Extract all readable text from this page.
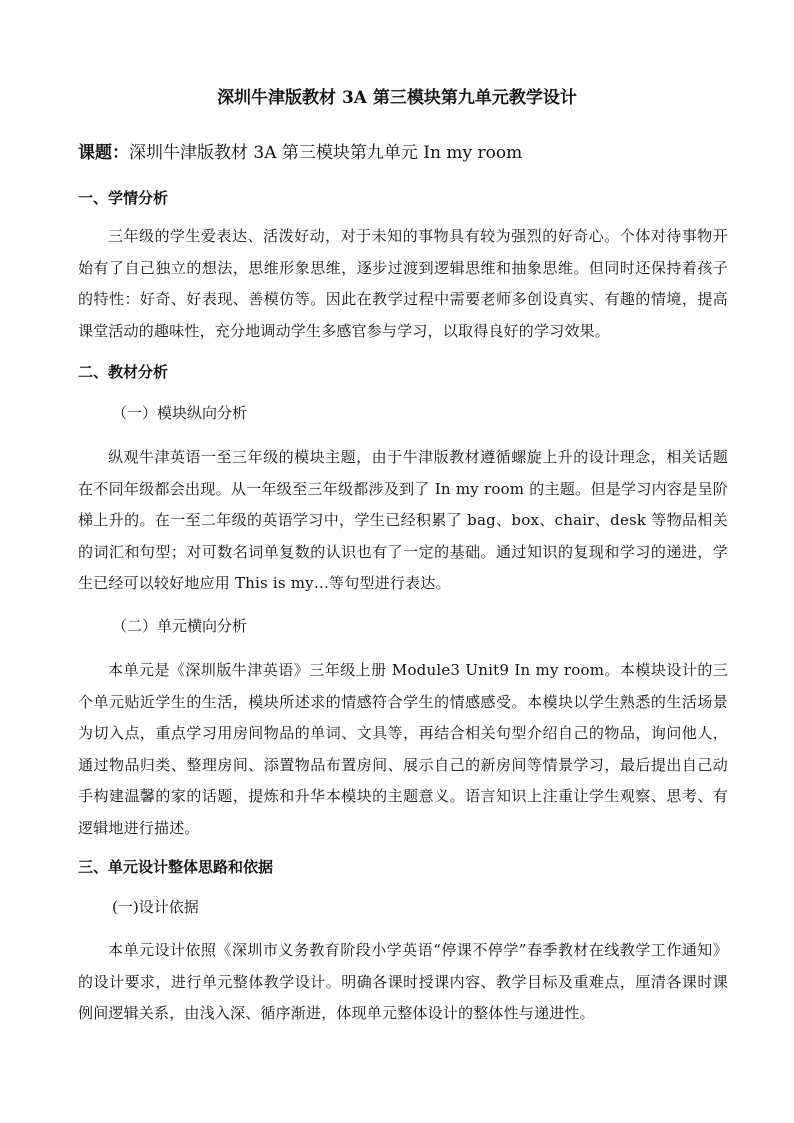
深圳牛津版教材 3A 第三模块第九单元教学设计
课题：深圳牛津版教材 3A 第三模块第九单元 In my room
一、学情分析
三年级的学生爱表达、活泼好动，对于未知的事物具有较为强烈的好奇心。个体对待事物开始有了自己独立的想法，思维形象思维，逐步过渡到逻辑思维和抽象思维。但同时还保持着孩子的特性：好奇、好表现、善模仿等。因此在教学过程中需要老师多创设真实、有趣的情境，提高课堂活动的趣味性，充分地调动学生多感官参与学习，以取得良好的学习效果。
二、教材分析
（一）模块纵向分析
纵观牛津英语一至三年级的模块主题，由于牛津版教材遵循螺旋上升的设计理念，相关话题在不同年级都会出现。从一年级至三年级都涉及到了 In my room 的主题。但是学习内容是呈阶梯上升的。在一至二年级的英语学习中，学生已经积累了 bag、box、chair、desk 等物品相关的词汇和句型；对可数名词单复数的认识也有了一定的基础。通过知识的复现和学习的递进，学生已经可以较好地应用 This is my…等句型进行表达。
（二）单元横向分析
本单元是《深圳版牛津英语》三年级上册 Module3 Unit9 In my room。本模块设计的三个单元贴近学生的生活，模块所述求的情感符合学生的情感感受。本模块以学生熟悉的生活场景为切入点，重点学习用房间物品的单词、文具等，再结合相关句型介绍自己的物品，询问他人，通过物品归类、整理房间、添置物品布置房间、展示自己的新房间等情景学习，最后提出自己动手构建温馨的家的话题，提炼和升华本模块的主题意义。语言知识上注重让学生观察、思考、有逻辑地进行描述。
三、单元设计整体思路和依据
(一)设计依据
本单元设计依照《深圳市义务教育阶段小学英语“停课不停学”春季教材在线教学工作通知》的设计要求，进行单元整体教学设计。明确各课时授课内容、教学目标及重难点，厘清各课时课例间逻辑关系，由浅入深、循序渐进，体现单元整体设计的整体性与递进性。
